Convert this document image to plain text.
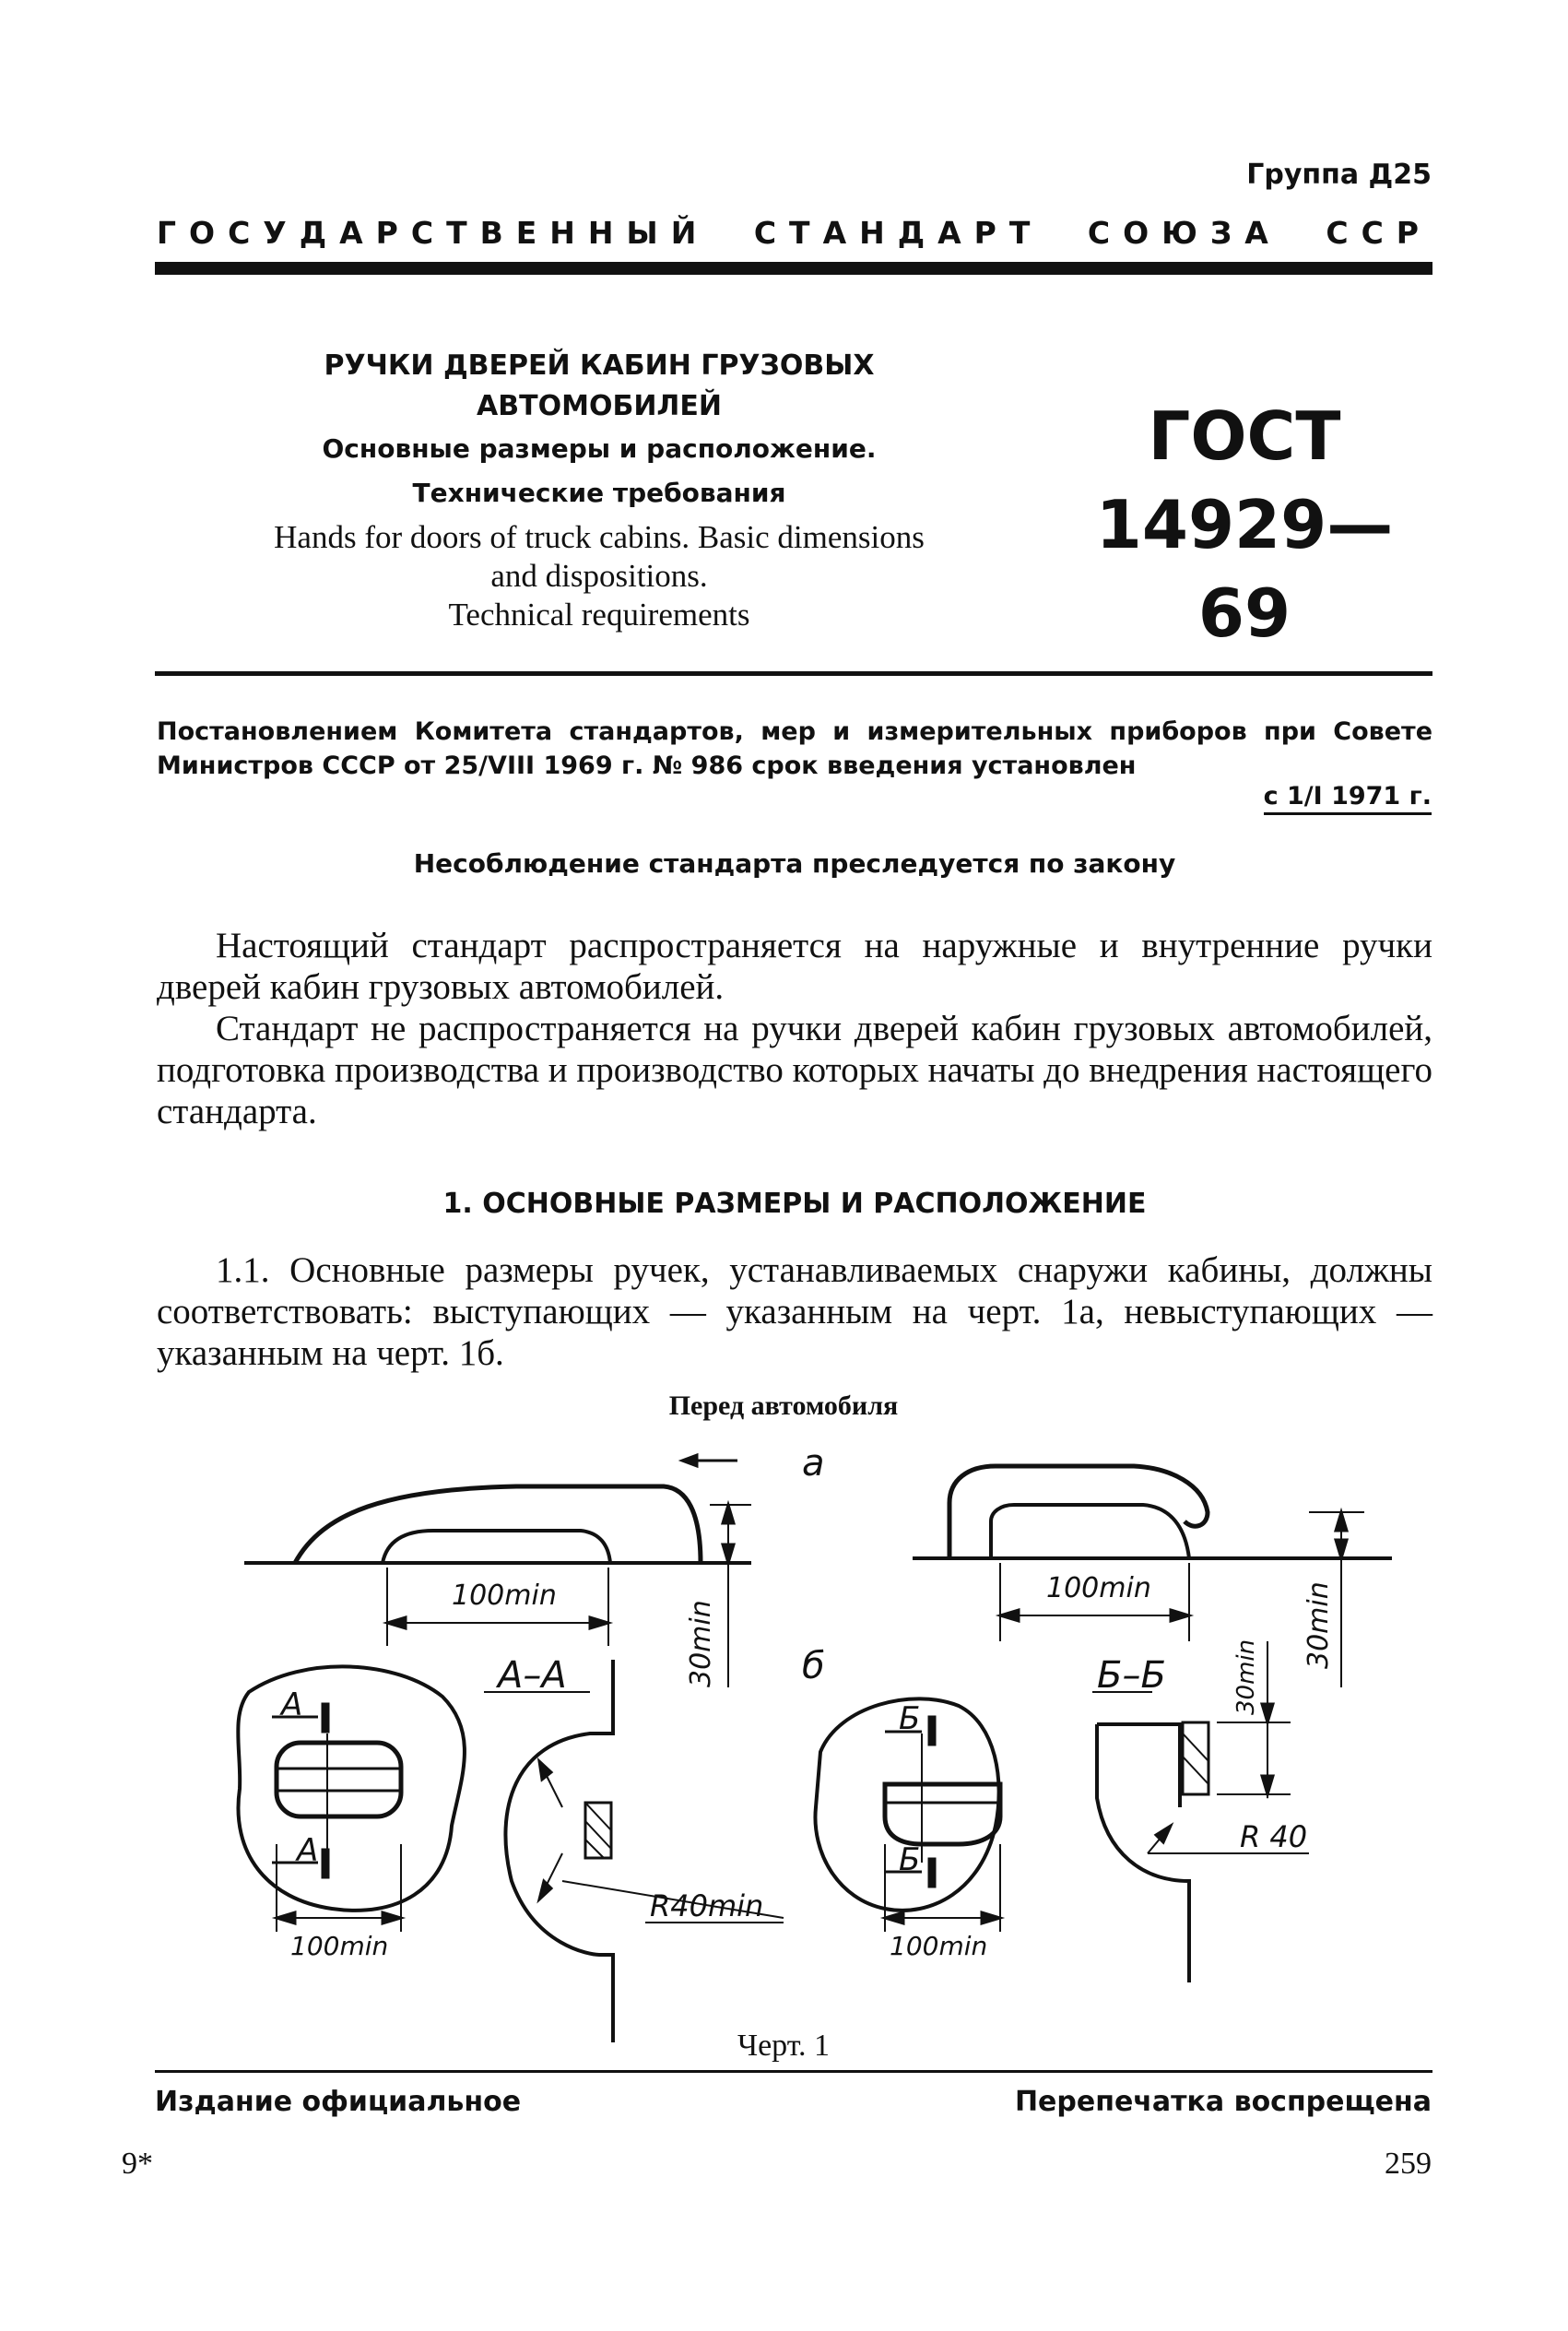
Группа Д25
ГОСУДАРСТВЕННЫЙ СТАНДАРТ СОЮЗА ССР
РУЧКИ ДВЕРЕЙ КАБИН ГРУЗОВЫХ АВТОМОБИЛЕЙ
Основные размеры и расположение.
Технические требования
Hands for doors of truck cabins. Basic dimensions
and dispositions.
Technical requirements
ГОСТ
14929—69
Постановлением Комитета стандартов, мер и измерительных приборов при Совете Министров СССР от 25/VIII 1969 г. № 986 срок введения установлен
с 1/I 1971 г.
Несоблюдение стандарта преследуется по закону
Настоящий стандарт распространяется на наружные и внутренние ручки дверей кабин грузовых автомобилей.
Стандарт не распространяется на ручки дверей кабин грузовых автомобилей, подготовка производства и производство которых начаты до внедрения настоящего стандарта.
1. ОСНОВНЫЕ РАЗМЕРЫ И РАСПОЛОЖЕНИЕ
1.1. Основные размеры ручек, устанавливаемых снаружи кабины, должны соответствовать: выступающих — указанным на черт. 1а, невыступающих — указанным на черт. 1б.
Перед автомобиля
а
б
100min	100min
30min	30min
30min
А–А	Б–Б
А
А
Б
Б
100min	100min
R40min
R 40
Черт. 1
Издание официальное	Перепечатка воспрещена
9*	259
